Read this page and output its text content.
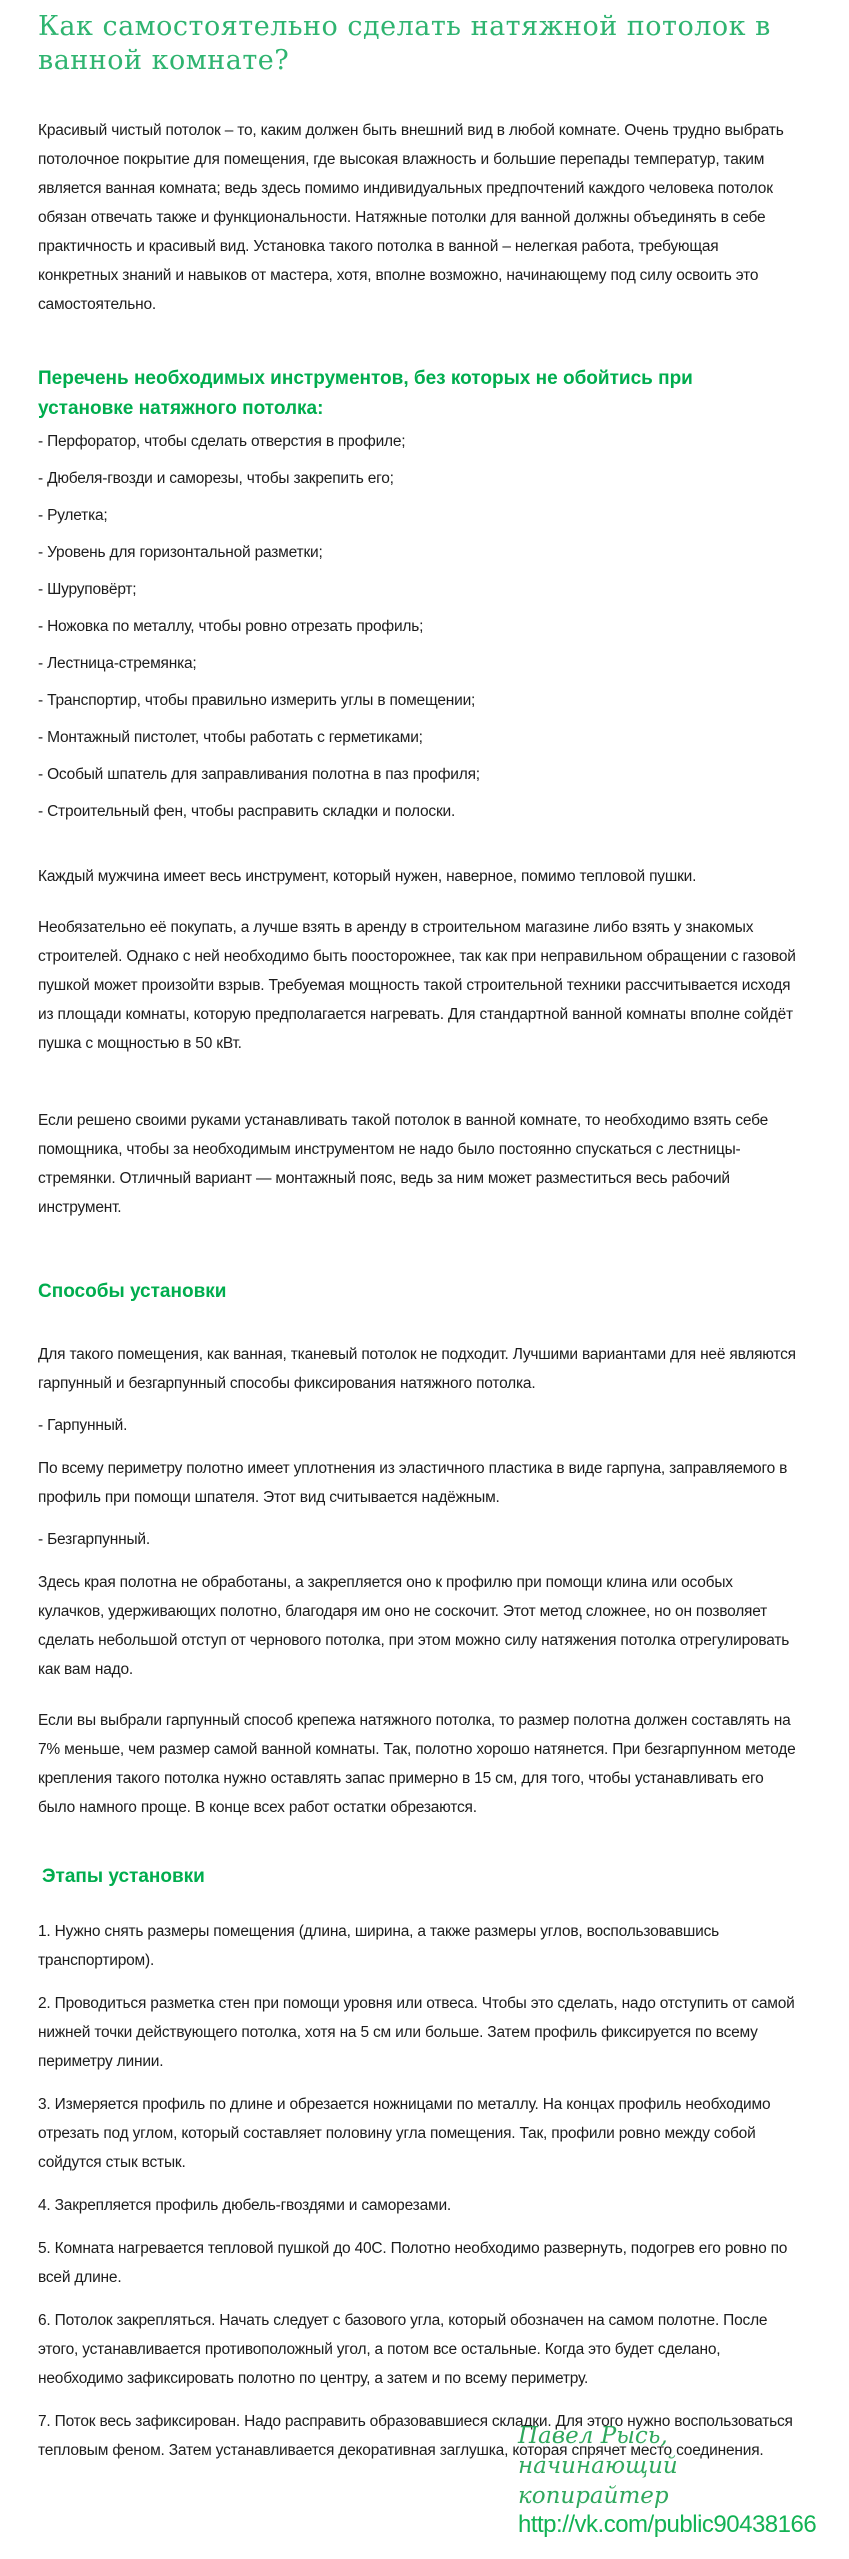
Как самостоятельно сделать натяжной потолок в ванной комнате?

Красивый чистый потолок – то, каким должен быть внешний вид в любой комнате. Очень трудно выбрать потолочное покрытие для помещения, где высокая влажность и большие перепады температур, таким является ванная комната; ведь здесь помимо индивидуальных предпочтений каждого человека потолок обязан отвечать также и функциональности. Натяжные потолки для ванной должны объединять в себе практичность и красивый вид. Установка такого потолка в ванной – нелегкая работа, требующая конкретных знаний и навыков от мастера, хотя, вполне возможно, начинающему под силу освоить это самостоятельно.

Перечень необходимых инструментов, без которых не обойтись при установке натяжного потолка:
- Перфоратор, чтобы сделать отверстия в профиле;
- Дюбеля-гвозди и саморезы, чтобы закрепить его;
- Рулетка;
- Уровень для горизонтальной разметки;
- Шуруповёрт;
- Ножовка по металлу, чтобы ровно отрезать профиль;
- Лестница-стремянка;
- Транспортир, чтобы правильно измерить углы в помещении;
- Монтажный пистолет, чтобы работать с герметиками;
- Особый шпатель для заправливания полотна в паз профиля;
- Строительный фен, чтобы расправить складки и полоски.

Каждый мужчина имеет весь инструмент, который нужен, наверное, помимо тепловой пушки.

Необязательно её покупать, а лучше взять в аренду в строительном магазине либо взять у знакомых строителей. Однако с ней необходимо быть поосторожнее, так как при неправильном обращении с газовой пушкой может произойти взрыв. Требуемая мощность такой строительной техники рассчитывается исходя из площади комнаты, которую предполагается нагревать. Для стандартной ванной комнаты вполне сойдёт пушка с мощностью в 50 кВт.

Если решено своими руками устанавливать такой потолок в ванной комнате, то необходимо взять себе помощника, чтобы за необходимым инструментом не надо было постоянно спускаться с лестницы-стремянки. Отличный вариант — монтажный пояс, ведь за ним может разместиться весь рабочий инструмент.

Способы установки

Для такого помещения, как ванная, тканевый потолок не подходит. Лучшими вариантами для неё являются гарпунный и безгарпунный способы фиксирования натяжного потолка.

- Гарпунный.

По всему периметру полотно имеет уплотнения из эластичного пластика в виде гарпуна, заправляемого в профиль при помощи шпателя. Этот вид считывается надёжным.

- Безгарпунный.

Здесь края полотна не обработаны, а закрепляется оно к профилю при помощи клина или особых кулачков, удерживающих полотно, благодаря им оно не соскочит. Этот метод сложнее, но он позволяет сделать небольшой отступ от чернового потолка, при этом можно силу натяжения потолка отрегулировать как вам надо.

Если вы выбрали гарпунный способ крепежа натяжного потолка, то размер полотна должен составлять на 7% меньше, чем размер самой ванной комнаты. Так, полотно хорошо натянется. При безгарпунном методе крепления такого потолка нужно оставлять запас примерно в 15 см, для того, чтобы устанавливать его было намного проще. В конце всех работ остатки обрезаются.

Этапы установки

1. Нужно снять размеры помещения (длина, ширина, а также размеры углов, воспользовавшись транспортиром).

2. Проводиться разметка стен при помощи уровня или отвеса. Чтобы это сделать, надо отступить от самой нижней точки действующего потолка, хотя на 5 см или больше. Затем профиль фиксируется по всему периметру линии.

3. Измеряется профиль по длине и обрезается ножницами по металлу. На концах профиль необходимо отрезать под углом, который составляет половину угла помещения. Так, профили ровно между собой сойдутся стык встык.

4. Закрепляется профиль дюбель-гвоздями и саморезами.

5. Комната нагревается тепловой пушкой до 40С. Полотно необходимо развернуть, подогрев его ровно по всей длине.

6. Потолок закрепляться. Начать следует с базового угла, который обозначен на самом полотне. После этого, устанавливается противоположный угол, а потом все остальные. Когда это будет сделано, необходимо зафиксировать полотно по центру, а затем и по всему периметру.

7. Поток весь зафиксирован. Надо расправить образовавшиеся складки. Для этого нужно воспользоваться тепловым феном. Затем устанавливается декоративная заглушка, которая спрячет место соединения.

Павел Рысь, начинающий копирайтер

http://vk.com/public90438166
